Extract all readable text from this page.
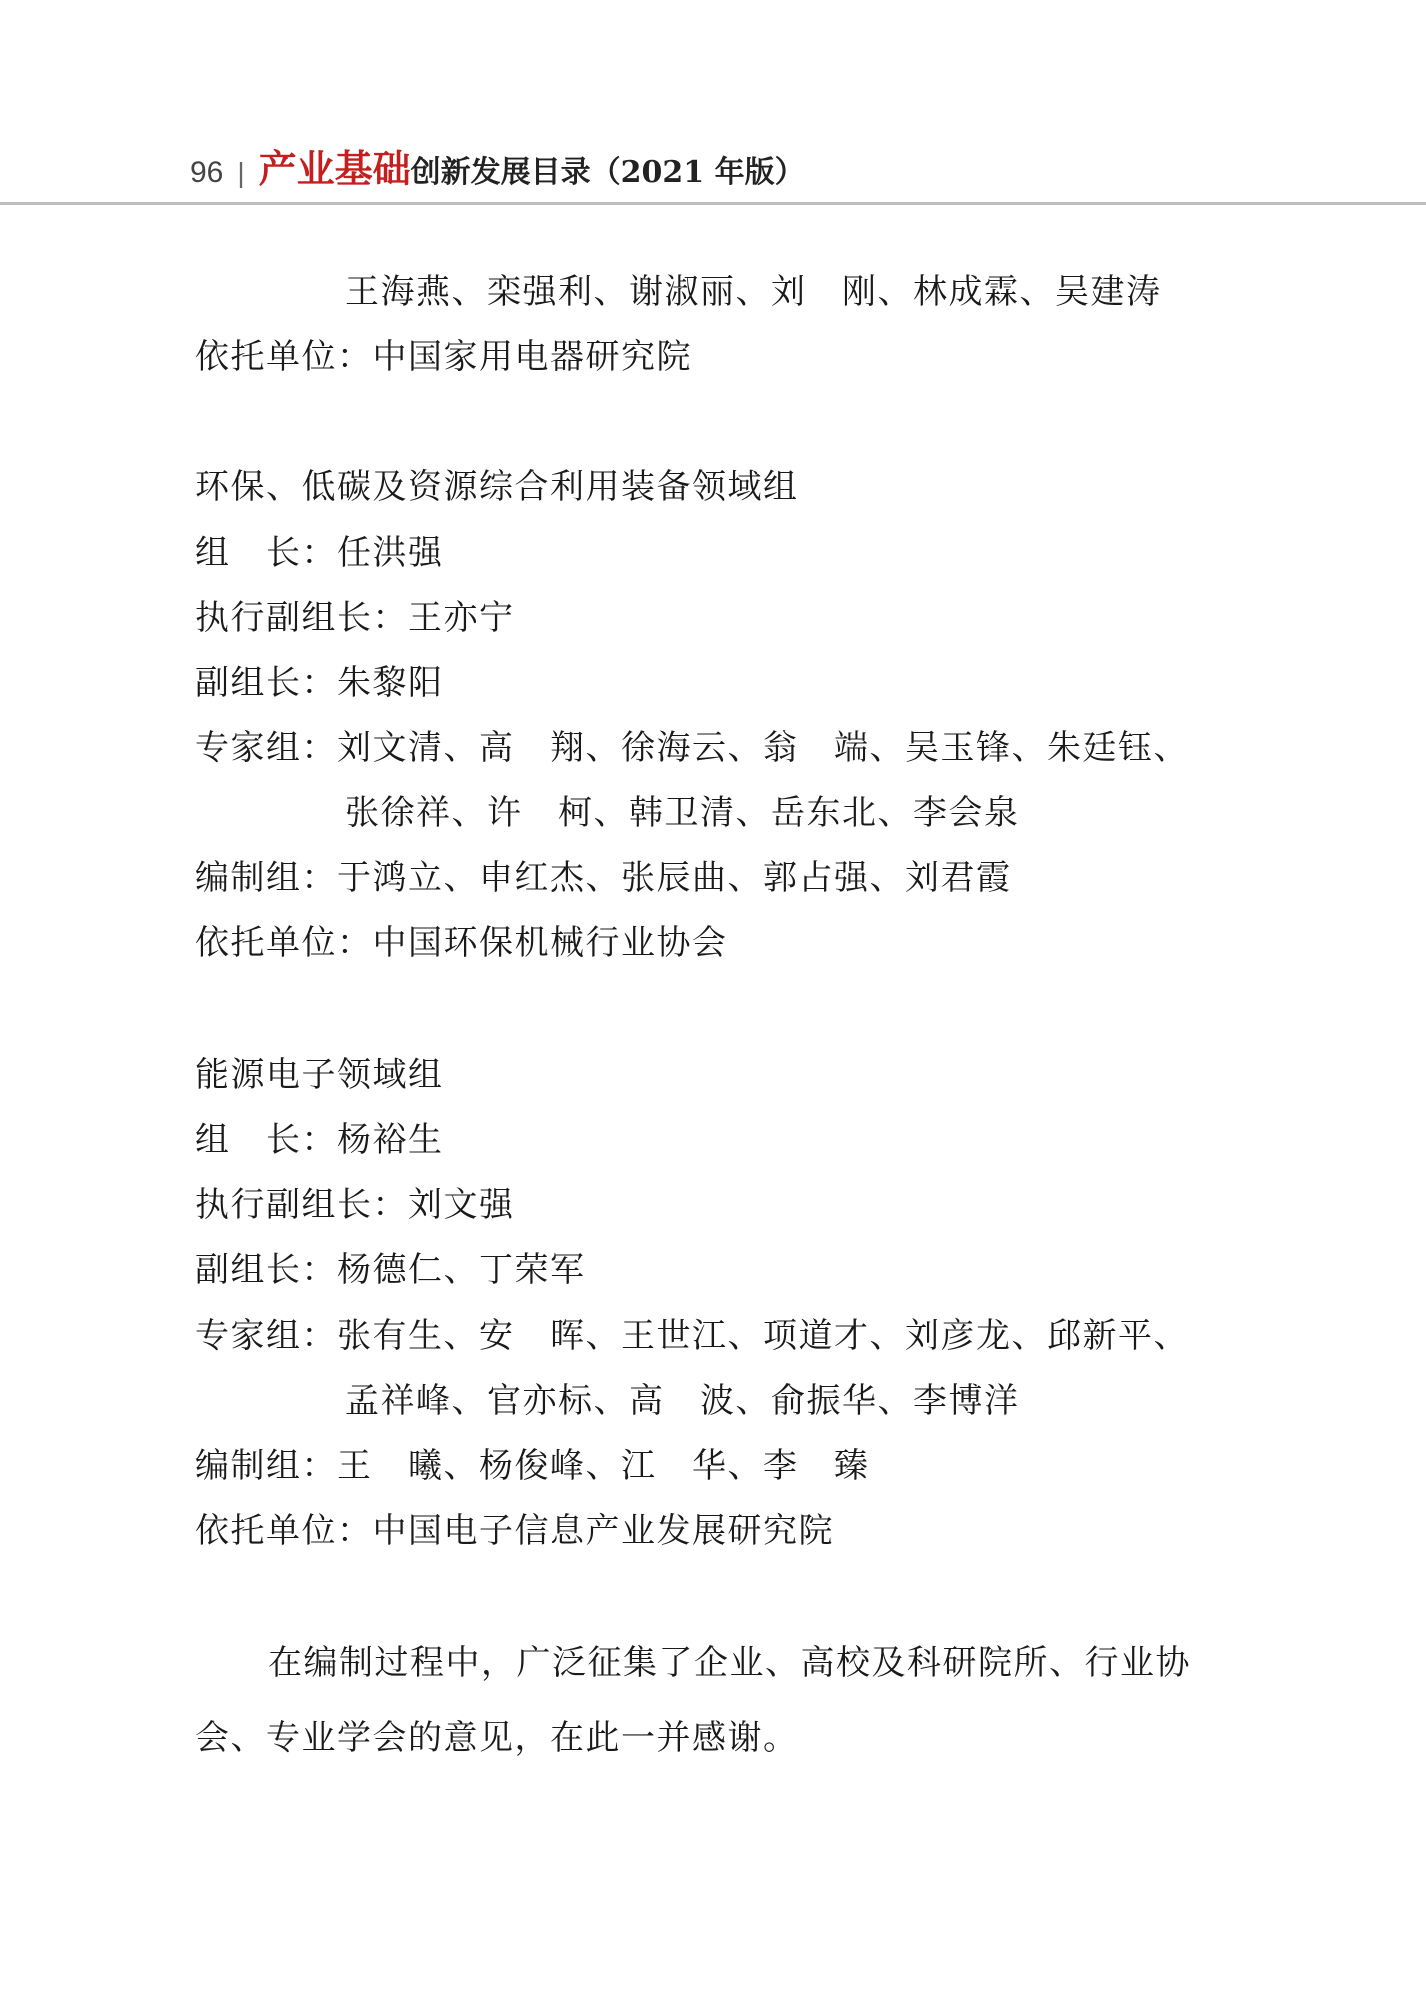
96 | 产业基础 创新发展目录（2021 年版）
王海燕、栾强利、谢淑丽、刘　刚、林成霖、吴建涛
依托单位：中国家用电器研究院
环保、低碳及资源综合利用装备领域组
组　长：任洪强
执行副组长：王亦宁
副组长：朱黎阳
专家组：刘文清、高　翔、徐海云、翁　端、吴玉锋、朱廷钰、
张徐祥、许　柯、韩卫清、岳东北、李会泉
编制组：于鸿立、申红杰、张辰曲、郭占强、刘君霞
依托单位：中国环保机械行业协会
能源电子领域组
组　长：杨裕生
执行副组长：刘文强
副组长：杨德仁、丁荣军
专家组：张有生、安　晖、王世江、项道才、刘彦龙、邱新平、
孟祥峰、官亦标、高　波、俞振华、李博洋
编制组：王　曦、杨俊峰、江　华、李　臻
依托单位：中国电子信息产业发展研究院
在编制过程中，广泛征集了企业、高校及科研院所、行业协
会、专业学会的意见，在此一并感谢。
